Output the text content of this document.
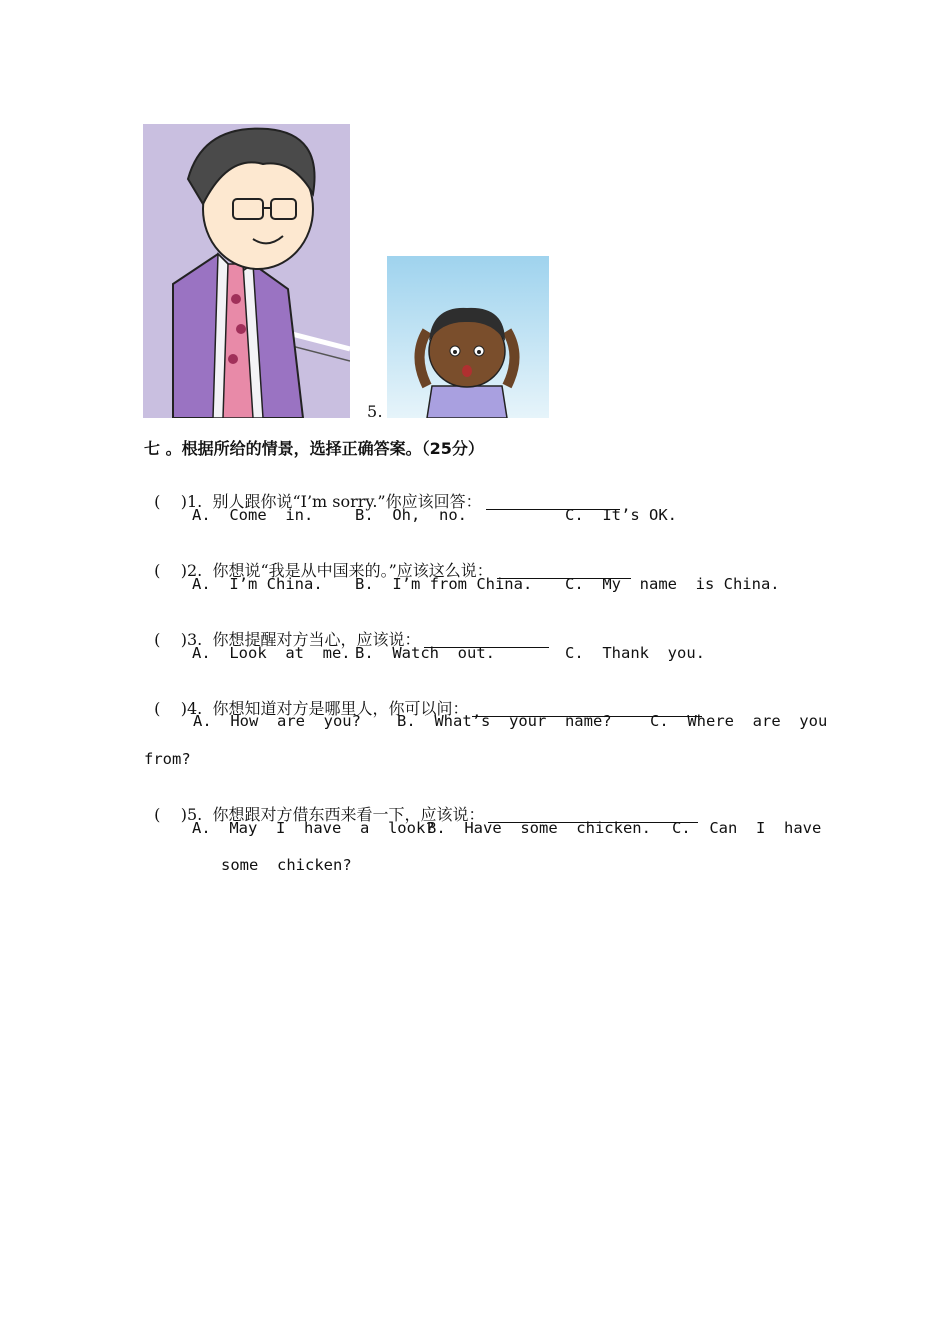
5.
七 。根据所给的情景，选择正确答案。（25分）

(    )1. 别人跟你说“I’m sorry.”你应该回答：

A.  Come  in.	B.  Oh,  no.	C.  It’s OK.

(    )2. 你想说“我是从中国来的。”应该这么说：

A.  I’m China. B.  I’m from China. C.  My  name  is China.

(    )3. 你想提醒对方当心，应该说：

A.  Look  at  me. B.  Watch  out.	C.  Thank  you.

(    )4. 你想知道对方是哪里人，你可以问：

A.  How  are  you? B.  What’s  your  name? C.  Where  are  you
from?

(    )5. 你想跟对方借东西来看一下，应该说：

A.  May  I  have  a  look?
B.  Have  some  chicken. C.  Can  I  have
some  chicken?
